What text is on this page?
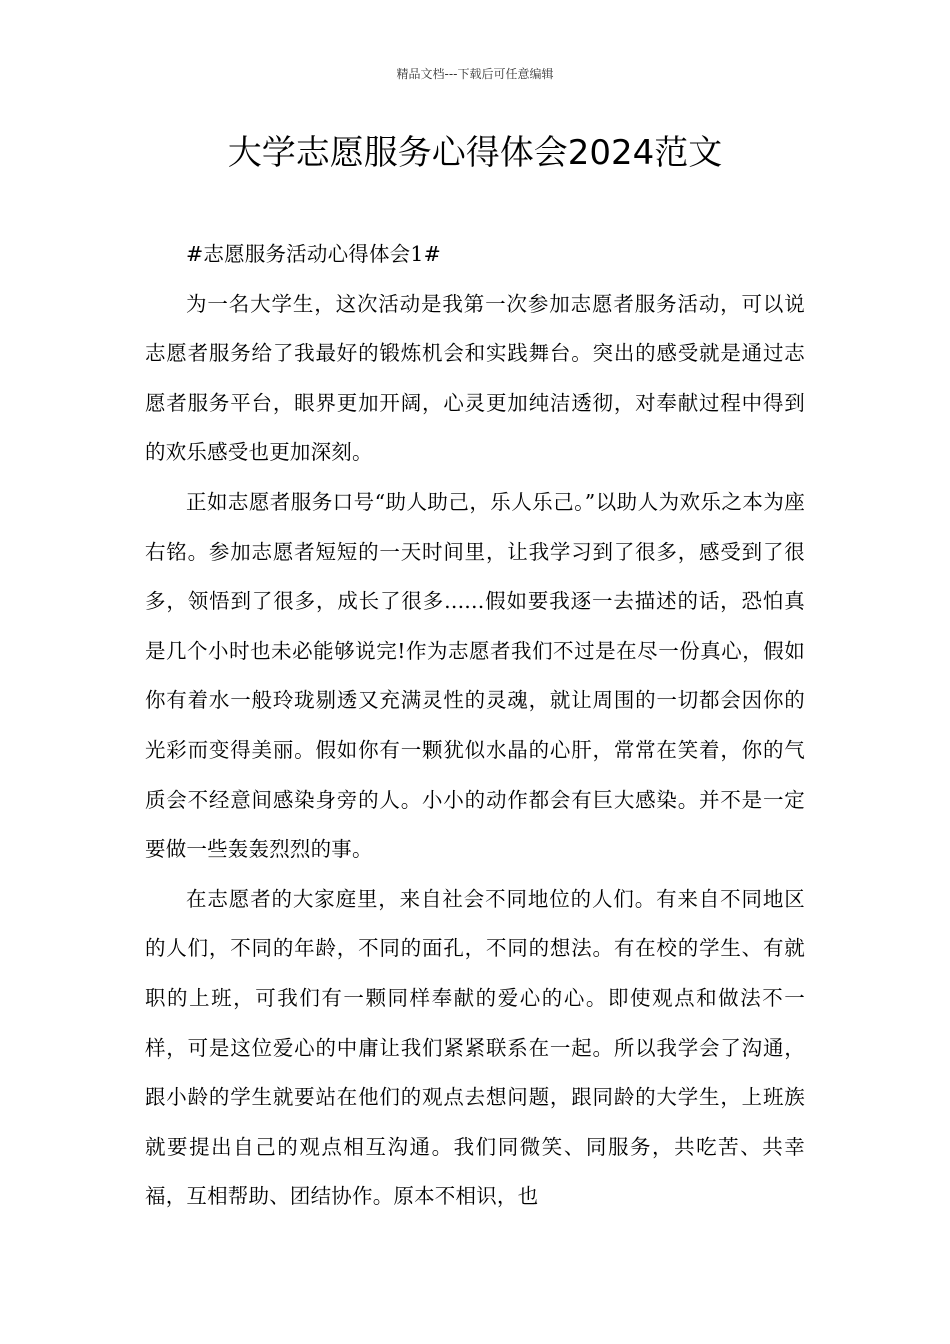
精品文档---下载后可任意编辑
大学志愿服务心得体会2024范文

#志愿服务活动心得体会1#

为一名大学生，这次活动是我第一次参加志愿者服务活动，可以说志愿者服务给了我最好的锻炼机会和实践舞台。突出的感受就是通过志愿者服务平台，眼界更加开阔，心灵更加纯洁透彻，对奉献过程中得到的欢乐感受也更加深刻。

正如志愿者服务口号“助人助己，乐人乐己。”以助人为欢乐之本为座右铭。参加志愿者短短的一天时间里，让我学习到了很多，感受到了很多，领悟到了很多，成长了很多......假如要我逐一去描述的话，恐怕真是几个小时也未必能够说完!作为志愿者我们不过是在尽一份真心，假如你有着水一般玲珑剔透又充满灵性的灵魂，就让周围的一切都会因你的光彩而变得美丽。假如你有一颗犹似水晶的心肝，常常在笑着，你的气质会不经意间感染身旁的人。小小的动作都会有巨大感染。并不是一定要做一些轰轰烈烈的事。

在志愿者的大家庭里，来自社会不同地位的人们。有来自不同地区的人们，不同的年龄，不同的面孔，不同的想法。有在校的学生、有就职的上班，可我们有一颗同样奉献的爱心的心。即使观点和做法不一样，可是这位爱心的中庸让我们紧紧联系在一起。所以我学会了沟通，跟小龄的学生就要站在他们的观点去想问题，跟同龄的大学生，上班族就要提出自己的观点相互沟通。我们同微笑、同服务，共吃苦、共幸福，互相帮助、团结协作。原本不相识，也
